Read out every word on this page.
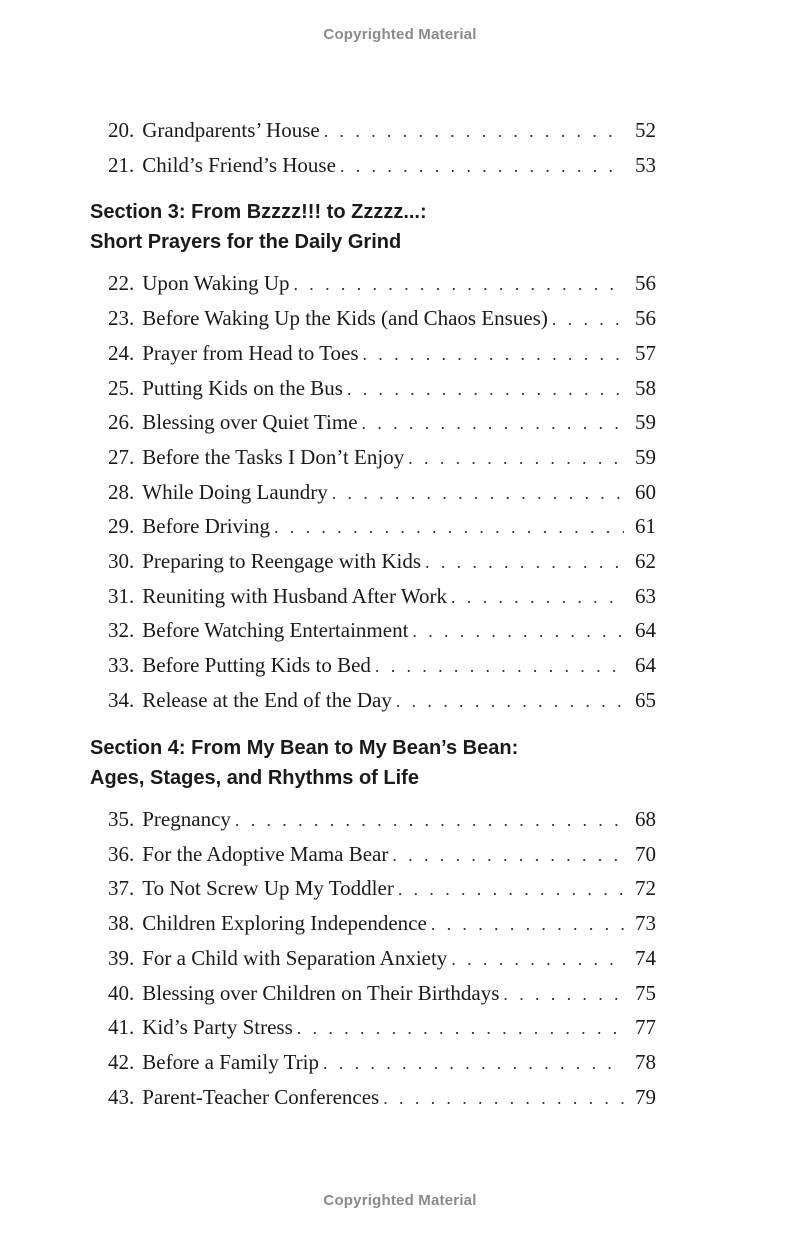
Copyrighted Material
20. Grandparents’ House . . .	52
21. Child’s Friend’s House . . .	53
Section 3: From Bzzzz!!! to Zzzzz...:
Short Prayers for the Daily Grind
22. Upon Waking Up . . .	56
23. Before Waking Up the Kids (and Chaos Ensues) . . .	56
24. Prayer from Head to Toes . . .	57
25. Putting Kids on the Bus . . .	58
26. Blessing over Quiet Time . . .	59
27. Before the Tasks I Don’t Enjoy . . .	59
28. While Doing Laundry . . .	60
29. Before Driving . . .	61
30. Preparing to Reengage with Kids . . .	62
31. Reuniting with Husband After Work . . .	63
32. Before Watching Entertainment . . .	64
33. Before Putting Kids to Bed . . .	64
34. Release at the End of the Day . . .	65
Section 4: From My Bean to My Bean’s Bean:
Ages, Stages, and Rhythms of Life
35. Pregnancy . . .	68
36. For the Adoptive Mama Bear . . .	70
37. To Not Screw Up My Toddler . . .	72
38. Children Exploring Independence . . .	73
39. For a Child with Separation Anxiety . . .	74
40. Blessing over Children on Their Birthdays . . .	75
41. Kid’s Party Stress . . .	77
42. Before a Family Trip . . .	78
43. Parent-Teacher Conferences . . .	79
Copyrighted Material
